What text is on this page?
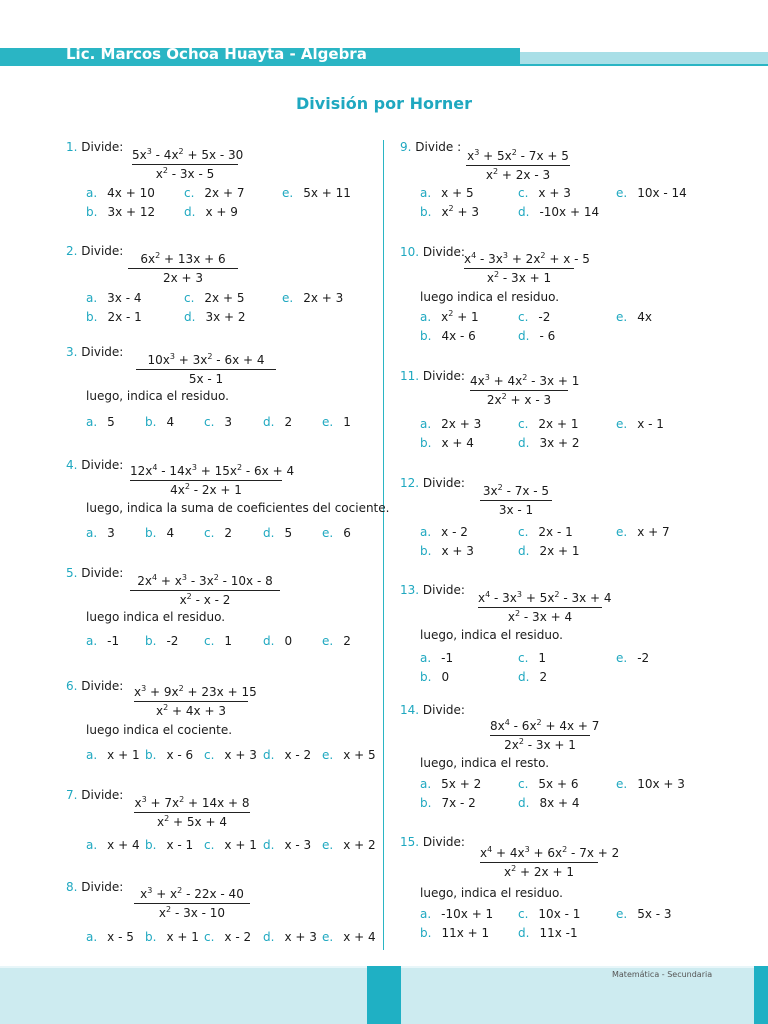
Lic. Marcos Ochoa Huayta - Algebra
División por Horner
1. Divide:
$\frac{5x^3 - 4x^2 + 5x - 30}{x^2 - 3x - 5}$
a. 4x + 10 c. 2x + 7	e. 5x + 11
b. 3x + 12 d. x + 9
2. Divide:
$\frac{6x^2 + 13x + 6}{2x + 3}$
a. 3x - 4	c. 2x + 5	e. 2x + 3
b. 2x - 1	d. 3x + 2
3. Divide:
$\frac{10x^3 + 3x^2 - 6x + 4}{5x - 1}$
luego, indica el residuo.
a. 5	b. 4 c. 3	d. 2 e. 1
4. Divide: $\frac{12x^4 - 14x^3 + 15x^2 - 6x + 4}{4x^2 - 2x + 1}$
luego, indica la suma de coeficientes del cociente.
a. 3	b. 4 c. 2	d. 5 e. 6
5. Divide:
$\frac{2x^4 + x^3 - 3x^2 - 10x - 8}{x^2 - x - 2}$
luego indica el residuo.
a. -1 b. -2 c. 1	d. 0 e. 2
6. Divide: $\frac{x^3 + 9x^2 + 23x + 15}{x^2 + 4x + 3}$
luego indica el cociente.
a. x + 1 b. x - 6 c. x + 3 d. x - 2 e. x + 5
7. Divide:
$\frac{x^3 + 7x^2 + 14x + 8}{x^2 + 5x + 4}$
a. x + 4 b. x - 1 c. x + 1 d. x - 3 e. x + 2
8. Divide: $\frac{x^3 + x^2 - 22x - 40}{x^2 - 3x - 10}$
a. x - 5 b. x + 1 c. x - 2 d. x + 3 e. x + 4
9. Divide :
$\frac{x^3 + 5x^2 - 7x + 5}{x^2 + 2x - 3}$
a. x + 5	c. x + 3	e. 10x - 14
b. $x^2 + 3$	d. -10x + 14
10. Divide: $\frac{x^4 - 3x^3 + 2x^2 + x - 5}{x^2 - 3x + 1}$
luego indica el residuo.
a. $x^2 + 1$	c. -2	e. 4x
b. 4x - 6	d. - 6
11. Divide: $\frac{4x^3 + 4x^2 - 3x + 1}{2x^2 + x - 3}$
a. 2x + 3	c. 2x + 1	e. x - 1
b. x + 4	d. 3x + 2
12. Divide:
$\frac{3x^2 - 7x - 5}{3x - 1}$
a. x - 2	c. 2x - 1	e. x + 7
b. x + 3	d. 2x + 1
13. Divide:
$\frac{x^4 - 3x^3 + 5x^2 - 3x + 4}{x^2 - 3x + 4}$
luego, indica el residuo.
a. -1	c. 1	e. -2
b. 0	d. 2
14. Divide:
$\frac{8x^4 - 6x^2 + 4x + 7}{2x^2 - 3x + 1}$
luego, indica el resto.
a. 5x + 2	c. 5x + 6	e. 10x + 3
b. 7x - 2	d. 8x + 4
15. Divide:
$\frac{x^4 + 4x^3 + 6x^2 - 7x + 2}{x^2 + 2x + 1}$
luego, indica el residuo.
a. -10x + 1 c. 10x - 1	e. 5x - 3
b. 11x + 1 d. 11x -1
Matemática - Secundaria
